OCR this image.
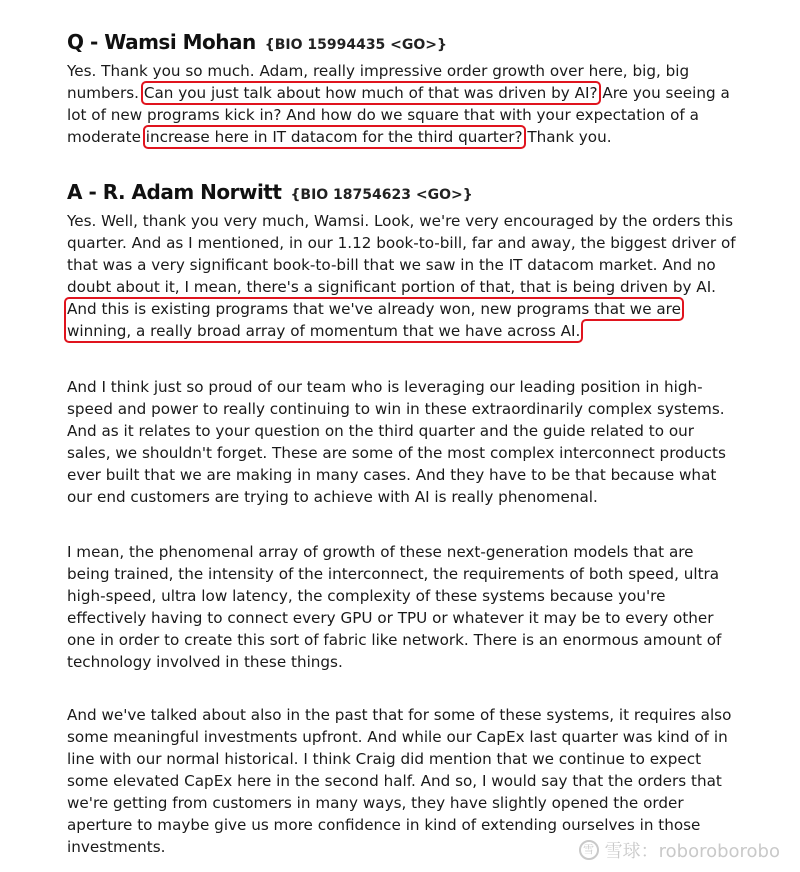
Q - Wamsi Mohan {BIO 15994435 <GO>}

Yes. Thank you so much. Adam, really impressive order growth over here, big, big numbers. Can you just talk about how much of that was driven by AI? Are you seeing a lot of new programs kick in? And how do we square that with your expectation of a moderate increase here in IT datacom for the third quarter? Thank you.

A - R. Adam Norwitt {BIO 18754623 <GO>}

Yes. Well, thank you very much, Wamsi. Look, we're very encouraged by the orders this quarter. And as I mentioned, in our 1.12 book-to-bill, far and away, the biggest driver of that was a very significant book-to-bill that we saw in the IT datacom market. And no doubt about it, I mean, there's a significant portion of that, that is being driven by AI. And this is existing programs that we've already won, new programs that we are winning, a really broad array of momentum that we have across AI.

And I think just so proud of our team who is leveraging our leading position in high-speed and power to really continuing to win in these extraordinarily complex systems. And as it relates to your question on the third quarter and the guide related to our sales, we shouldn't forget. These are some of the most complex interconnect products ever built that we are making in many cases. And they have to be that because what our end customers are trying to achieve with AI is really phenomenal.

I mean, the phenomenal array of growth of these next-generation models that are being trained, the intensity of the interconnect, the requirements of both speed, ultra high-speed, ultra low latency, the complexity of these systems because you're effectively having to connect every GPU or TPU or whatever it may be to every other one in order to create this sort of fabric like network. There is an enormous amount of technology involved in these things.

And we've talked about also in the past that for some of these systems, it requires also some meaningful investments upfront. And while our CapEx last quarter was kind of in line with our normal historical. I think Craig did mention that we continue to expect some elevated CapEx here in the second half. And so, I would say that the orders that we're getting from customers in many ways, they have slightly opened the order aperture to maybe give us more confidence in kind of extending ourselves in those investments.	雪 雪球：roboroborobo
